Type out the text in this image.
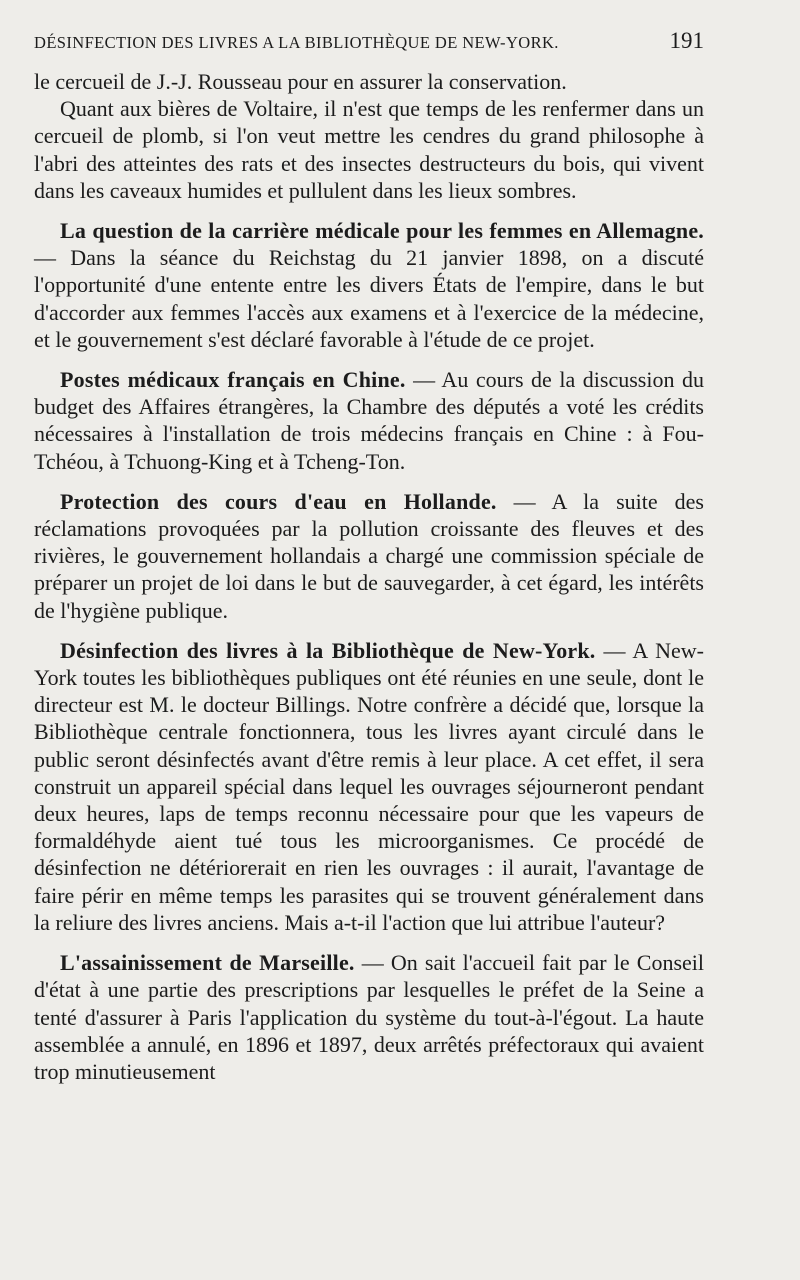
DÉSINFECTION DES LIVRES A LA BIBLIOTHÈQUE DE NEW-YORK.	191

le cercueil de J.-J. Rousseau pour en assurer la conservation.

Quant aux bières de Voltaire, il n'est que temps de les renfermer dans un cercueil de plomb, si l'on veut mettre les cendres du grand philosophe à l'abri des atteintes des rats et des insectes destructeurs du bois, qui vivent dans les caveaux humides et pullulent dans les lieux sombres.

La question de la carrière médicale pour les femmes en Allemagne. — Dans la séance du Reichstag du 21 janvier 1898, on a discuté l'opportunité d'une entente entre les divers États de l'empire, dans le but d'accorder aux femmes l'accès aux examens et à l'exercice de la médecine, et le gouvernement s'est déclaré favorable à l'étude de ce projet.

Postes médicaux français en Chine. — Au cours de la discussion du budget des Affaires étrangères, la Chambre des députés a voté les crédits nécessaires à l'installation de trois médecins français en Chine : à Fou-Tchéou, à Tchuong-King et à Tcheng-Ton.

Protection des cours d'eau en Hollande. — A la suite des réclamations provoquées par la pollution croissante des fleuves et des rivières, le gouvernement hollandais a chargé une commission spéciale de préparer un projet de loi dans le but de sauvegarder, à cet égard, les intérêts de l'hygiène publique.

Désinfection des livres à la Bibliothèque de New-York. — A New-York toutes les bibliothèques publiques ont été réunies en une seule, dont le directeur est M. le docteur Billings. Notre confrère a décidé que, lorsque la Bibliothèque centrale fonctionnera, tous les livres ayant circulé dans le public seront désinfectés avant d'être remis à leur place. A cet effet, il sera construit un appareil spécial dans lequel les ouvrages séjourneront pendant deux heures, laps de temps reconnu nécessaire pour que les vapeurs de formaldéhyde aient tué tous les microorganismes. Ce procédé de désinfection ne détériorerait en rien les ouvrages : il aurait, l'avantage de faire périr en même temps les parasites qui se trouvent généralement dans la reliure des livres anciens. Mais a-t-il l'action que lui attribue l'auteur?

L'assainissement de Marseille. — On sait l'accueil fait par le Conseil d'état à une partie des prescriptions par lesquelles le préfet de la Seine a tenté d'assurer à Paris l'application du système du tout-à-l'égout. La haute assemblée a annulé, en 1896 et 1897, deux arrêtés préfectoraux qui avaient trop minutieusement
